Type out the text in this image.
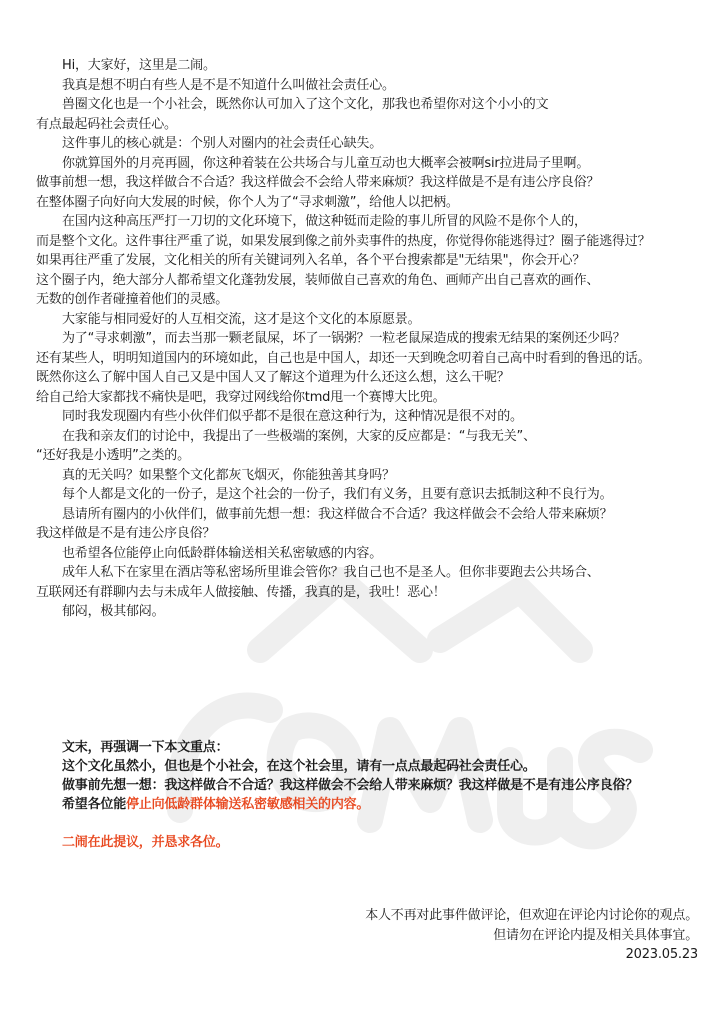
Hi，大家好，这里是二闹。
我真是想不明白有些人是不是不知道什么叫做社会责任心。
兽圈文化也是一个小社会，既然你认可加入了这个文化，那我也希望你对这个小小的文
有点最起码社会责任心。
这件事儿的核心就是：个别人对圈内的社会责任心缺失。
你就算国外的月亮再圆，你这种着装在公共场合与儿童互动也大概率会被啊sir拉进局子里啊。
做事前想一想，我这样做合不合适？我这样做会不会给人带来麻烦？我这样做是不是有违公序良俗？
在整体圈子向好向大发展的时候，你个人为了“寻求刺激”，给他人以把柄。
在国内这种高压严打一刀切的文化环境下，做这种铤而走险的事儿所冒的风险不是你个人的，
而是整个文化。这件事往严重了说，如果发展到像之前外卖事件的热度，你觉得你能逃得过？圈子能逃得过？
如果再往严重了发展，文化相关的所有关键词列入名单，各个平台搜索都是"无结果"，你会开心？
这个圈子内，绝大部分人都希望文化蓬勃发展，装师做自己喜欢的角色、画师产出自己喜欢的画作、
无数的创作者碰撞着他们的灵感。
大家能与相同爱好的人互相交流，这才是这个文化的本原愿景。
为了“寻求刺激”，而去当那一颗老鼠屎，坏了一锅粥？一粒老鼠屎造成的搜索无结果的案例还少吗？
还有某些人，明明知道国内的环境如此，自己也是中国人，却还一天到晚念叨着自己高中时看到的鲁迅的话。
既然你这么了解中国人自己又是中国人又了解这个道理为什么还这么想，这么干呢？
给自己给大家都找不痛快是吧，我穿过网线给你tmd甩一个赛博大比兜。
同时我发现圈内有些小伙伴们似乎都不是很在意这种行为，这种情况是很不对的。
在我和亲友们的讨论中，我提出了一些极端的案例，大家的反应都是：“与我无关”、
“还好我是小透明”之类的。
真的无关吗？如果整个文化都灰飞烟灭，你能独善其身吗？
每个人都是文化的一份子，是这个社会的一份子，我们有义务，且要有意识去抵制这种不良行为。
恳请所有圈内的小伙伴们，做事前先想一想：我这样做合不合适？我这样做会不会给人带来麻烦？
我这样做是不是有违公序良俗？
也希望各位能停止向低龄群体输送相关私密敏感的内容。
成年人私下在家里在酒店等私密场所里谁会管你？我自己也不是圣人。但你非要跑去公共场合、
互联网还有群聊内去与未成年人做接触、传播，我真的是，我吐！恶心！
郁闷，极其郁闷。
文末，再强调一下本文重点：
这个文化虽然小，但也是个小社会，在这个社会里，请有一点点最起码社会责任心。
做事前先想一想：我这样做合不合适？我这样做会不会给人带来麻烦？我这样做是不是有违公序良俗？
希望各位能停止向低龄群体输送私密敏感相关的内容。
二闹在此提议，并恳求各位。
本人不再对此事件做评论，但欢迎在评论内讨论你的观点。
但请勿在评论内提及相关具体事宜。
2023.05.23
